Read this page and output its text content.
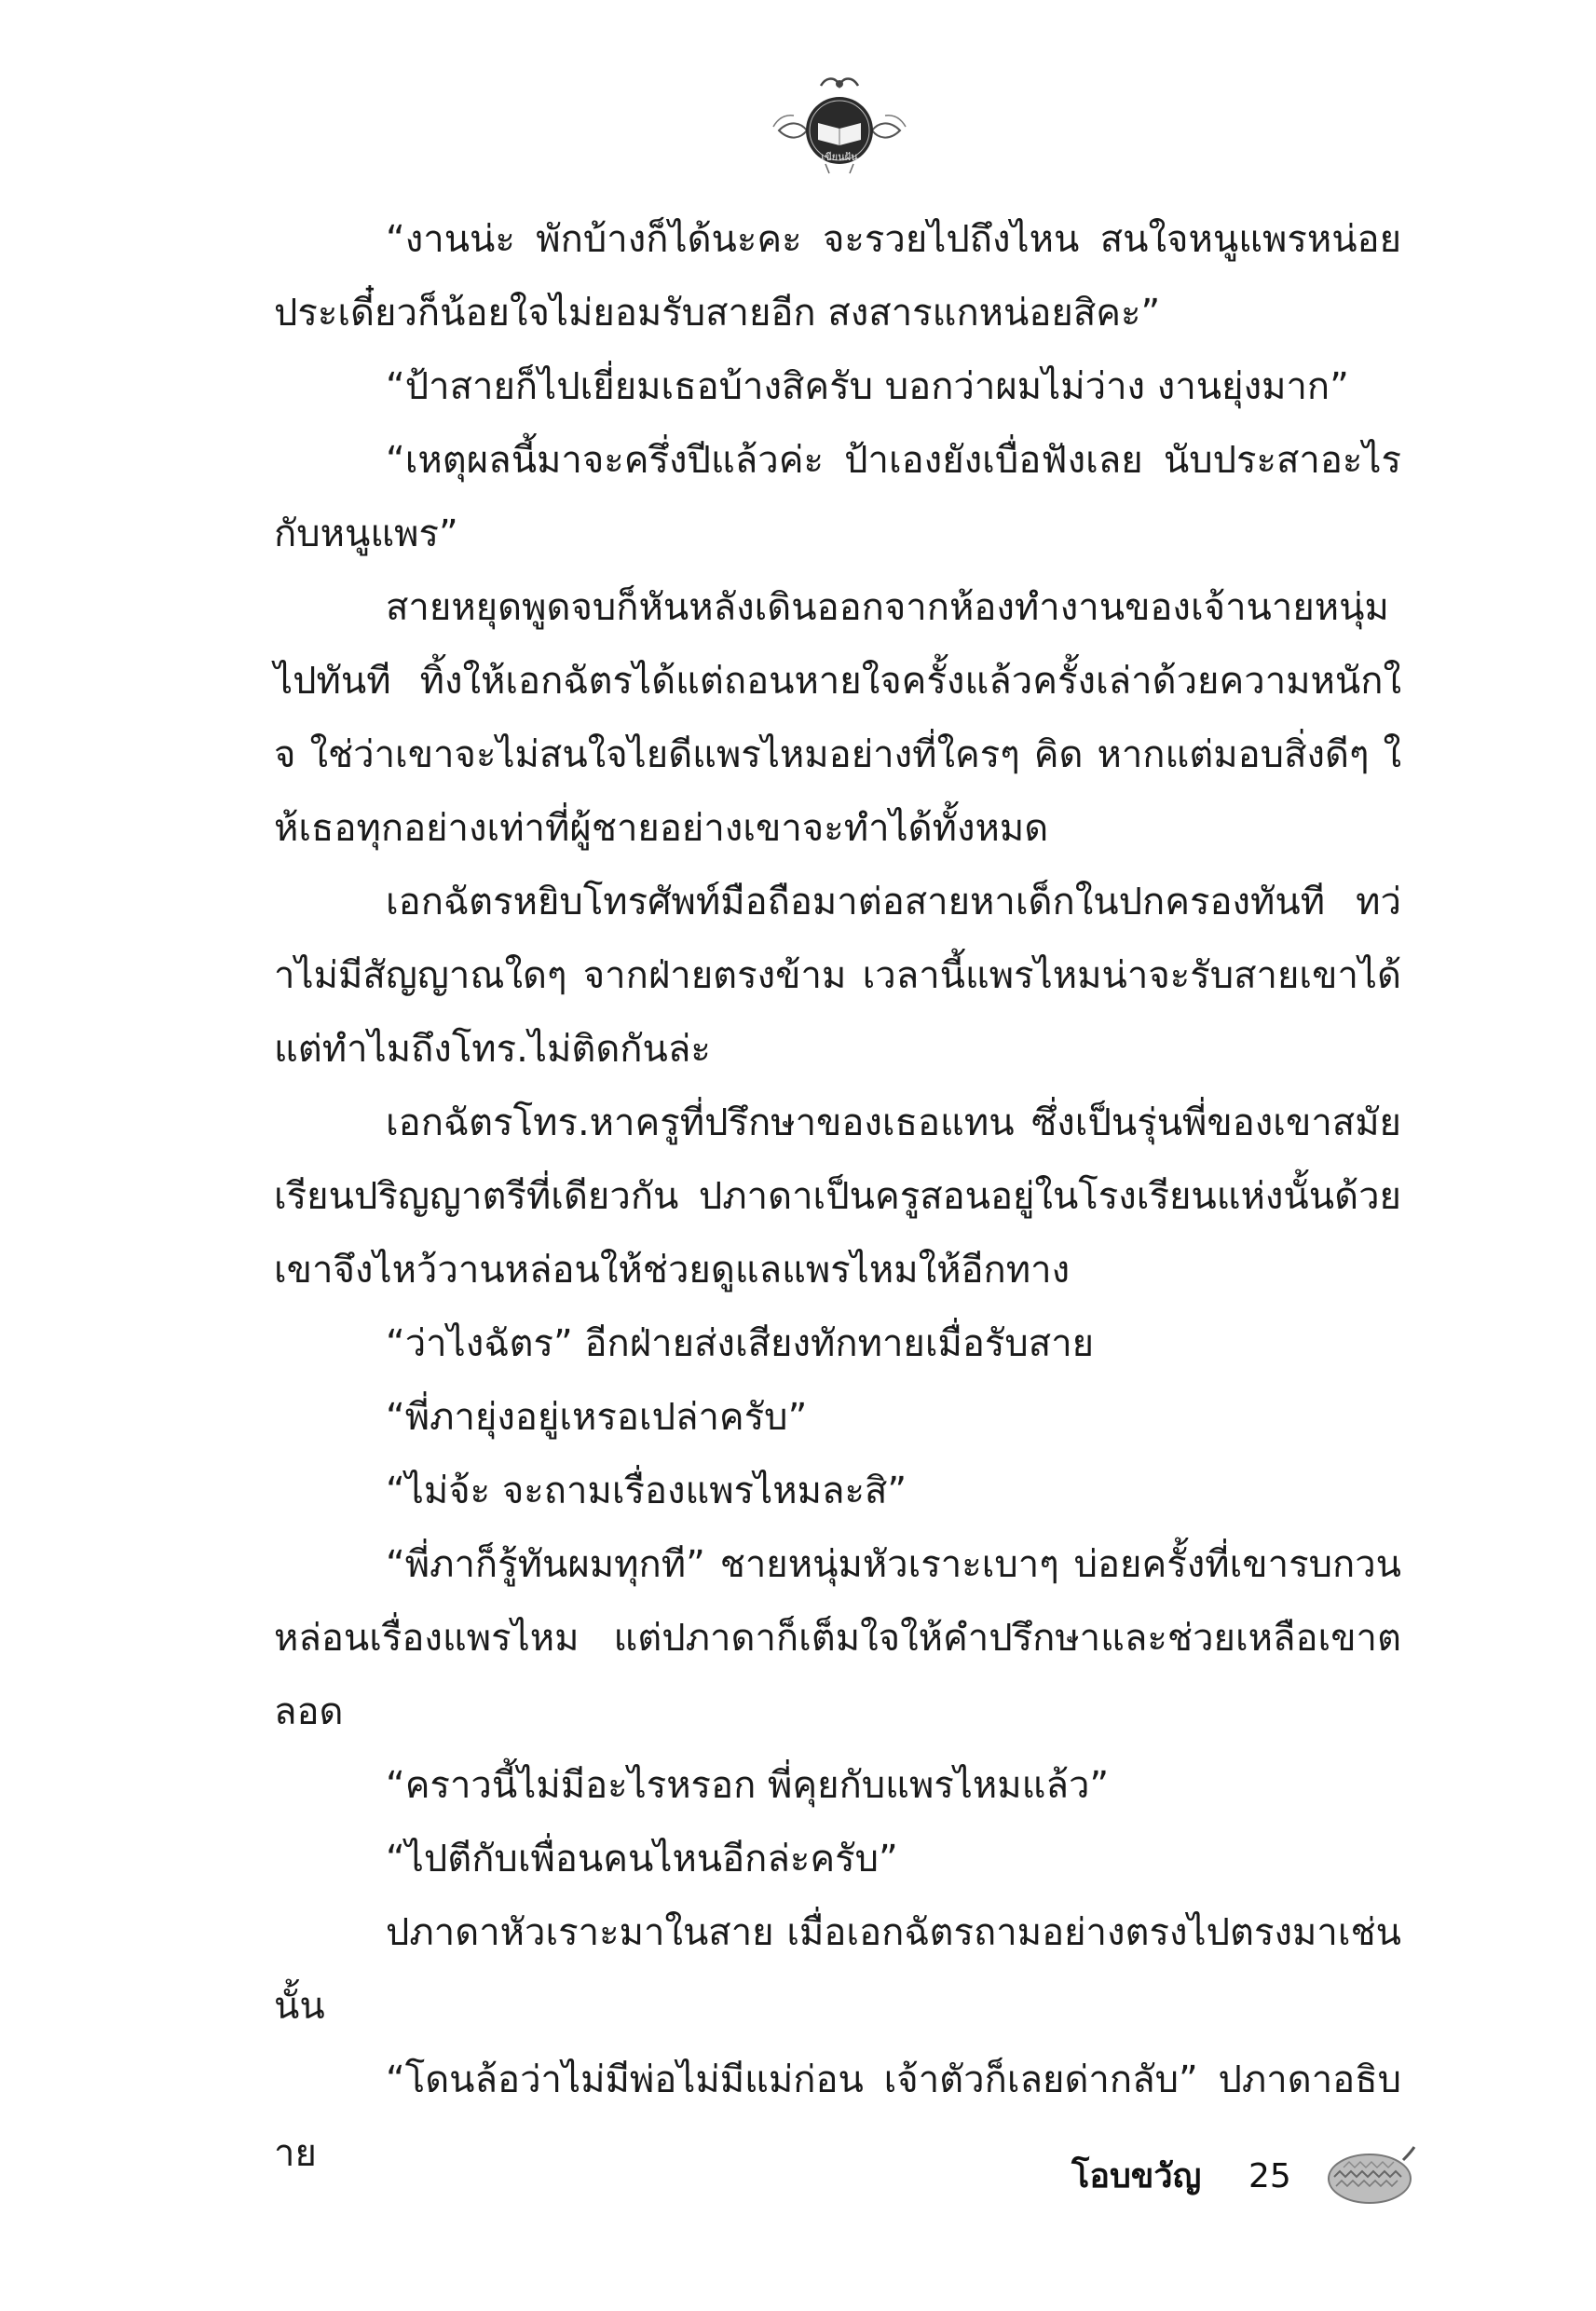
เขียนฝัน

“งานน่ะ พักบ้างก็ได้นะคะ จะรวยไปถึงไหน สนใจหนูแพรหน่อย ประเดี๋ยวก็น้อยใจไม่ยอมรับสายอีก สงสารแกหน่อยสิคะ”

“ป้าสายก็ไปเยี่ยมเธอบ้างสิครับ บอกว่าผมไม่ว่าง งานยุ่งมาก”

“เหตุผลนี้มาจะครึ่งปีแล้วค่ะ ป้าเองยังเบื่อฟังเลย นับประสาอะไรกับหนูแพร”

สายหยุดพูดจบก็หันหลังเดินออกจากห้องทำงานของเจ้านายหนุ่มไปทันที ทิ้งให้เอกฉัตรได้แต่ถอนหายใจครั้งแล้วครั้งเล่าด้วยความหนักใจ ใช่ว่าเขาจะไม่สนใจไยดีแพรไหมอย่างที่ใครๆ คิด หากแต่มอบสิ่งดีๆ ให้เธอทุกอย่างเท่าที่ผู้ชายอย่างเขาจะทำได้ทั้งหมด

เอกฉัตรหยิบโทรศัพท์มือถือมาต่อสายหาเด็กในปกครองทันที ทว่าไม่มีสัญญาณใดๆ จากฝ่ายตรงข้าม เวลานี้แพรไหมน่าจะรับสายเขาได้ แต่ทำไมถึงโทร.ไม่ติดกันล่ะ

เอกฉัตรโทร.หาครูที่ปรึกษาของเธอแทน ซึ่งเป็นรุ่นพี่ของเขาสมัยเรียนปริญญาตรีที่เดียวกัน ปภาดาเป็นครูสอนอยู่ในโรงเรียนแห่งนั้นด้วย เขาจึงไหว้วานหล่อนให้ช่วยดูแลแพรไหมให้อีกทาง

“ว่าไงฉัตร” อีกฝ่ายส่งเสียงทักทายเมื่อรับสาย

“พี่ภายุ่งอยู่เหรอเปล่าครับ”

“ไม่จ้ะ จะถามเรื่องแพรไหมละสิ”

“พี่ภาก็รู้ทันผมทุกที” ชายหนุ่มหัวเราะเบาๆ บ่อยครั้งที่เขารบกวนหล่อนเรื่องแพรไหม แต่ปภาดาก็เต็มใจให้คำปรึกษาและช่วยเหลือเขาตลอด

“คราวนี้ไม่มีอะไรหรอก พี่คุยกับแพรไหมแล้ว”

“ไปตีกับเพื่อนคนไหนอีกล่ะครับ”

ปภาดาหัวเราะมาในสาย เมื่อเอกฉัตรถามอย่างตรงไปตรงมาเช่นนั้น

“โดนล้อว่าไม่มีพ่อไม่มีแม่ก่อน เจ้าตัวก็เลยด่ากลับ” ปภาดาอธิบาย

โอบขวัญ 25
